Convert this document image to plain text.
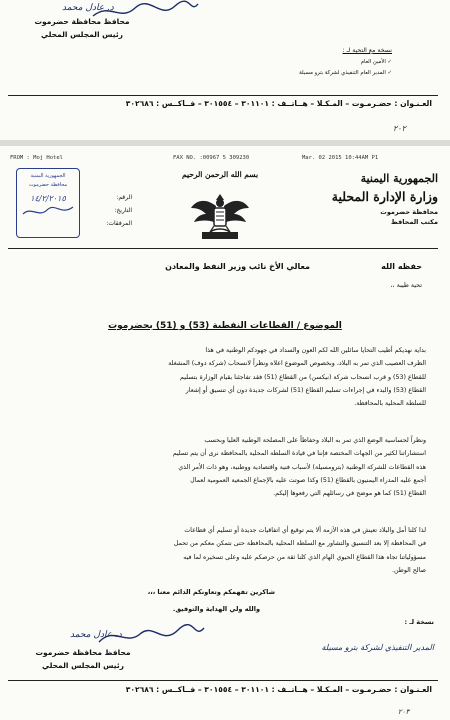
د. عادل محمد
محافظ محافظة حضرموت
رئيس المجلس المحلي
نسخة مع التحية لـ :
✓ الأمين العام
✓ المدير العام التنفيذي لشركة بترو مسيلة
العـنـوان : حضـرمـوت – المـكـلا – هــاتــف : ٣٠١١٠١ – ٣٠١٥٥٤ – فــاكــس : ٣٠٢٦٨٦
٢٠٢
FROM : Moj Hotel	FAX NO. :00967 5 309230	Mar. 02 2015 10:44AM P1
الجمهورية اليمنية
وزارة الإدارة المحلية
محافظة حضرموت
مكتب المحافظ
بسم الله الرحمن الرحيم
الرقم:
التاريخ:
المرفقات:
الجمهورية اليمنية
محافظة حضرموت
١٤/٢/٢٠١٥
معالي الأخ نائب وزير النفط والمعادن	حفظه الله
تحية طيبة ،،
الموضوع / القطاعات النفطية (53) و (51) بحضرموت
بداية نهديكم أطيب التحايا سائلين الله لكم العون والسداد في جهودكم الوطنية في هذا
الظرف العصيب الذي تمر به البلاد، وبخصوص الموضوع اعلاه ونظراً لانسحاب (شركة دوف) المشغلة
للقطاع (53) و قرب انسحاب شركة (نيكسن) من القطاع (51) فقد تفاجئنا بقيام الوزارة بتسليم
القطاع (53) والبدء في إجراءات تسليم القطاع (51) لشركات جديدة دون أي تنسيق أو إشعار
للسلطة المحلية بالمحافظة.
ونظراً لحساسية الوضع الذي تمر به البلاد وحفاظاً على المصلحة الوطنية العليا وبحسب
استشاراتنا لكثير من الجهات المختصة فإننا في قيادة السلطة المحلية بالمحافظة نرى أن يتم تسليم
هذه القطاعات للشركة الوطنية (بترومسيلة) لأسباب فنية واقتصادية ووطنية، وهو ذات الأمر الذي
أجمع عليه المدراء اليمنيون بالقطاع (51) وكذا صوتت عليه بالإجماع الجمعية العمومية لعمال
القطاع (51) كما هو موضح في رسائلهم التي رفعوها إليكم.
لذا كلنا أمل والبلاد تعيش في هذه الأزمة ألا يتم توقيع أي اتفاقيات جديدة أو تسليم أي قطاعات
في المحافظة إلا بعد التنسيق والتشاور مع السلطة المحلية بالمحافظة حتى نتمكن معكم من تحمل
مسؤولياتنا تجاه هذا القطاع الحيوي الهام الذي كلنا ثقة من حرصكم عليه وعلى تسخيره لما فيه
صالح الوطن.
شاكرين تفهمكم وتعاونكم الدائم معنا ،،،
والله ولي الهداية والتوفيق.
نسخة لـ :
المدير التنفيذي لشركة بترو مسيلة
د. عادل محمد
محافظ محافظة حضرموت
رئيس المجلس المحلي
العـنـوان : حضـرمـوت – المـكـلا – هــاتــف : ٣٠١١٠١ – ٣٠١٥٥٤ – فــاكــس : ٣٠٢٦٨٦
٢٠٣
